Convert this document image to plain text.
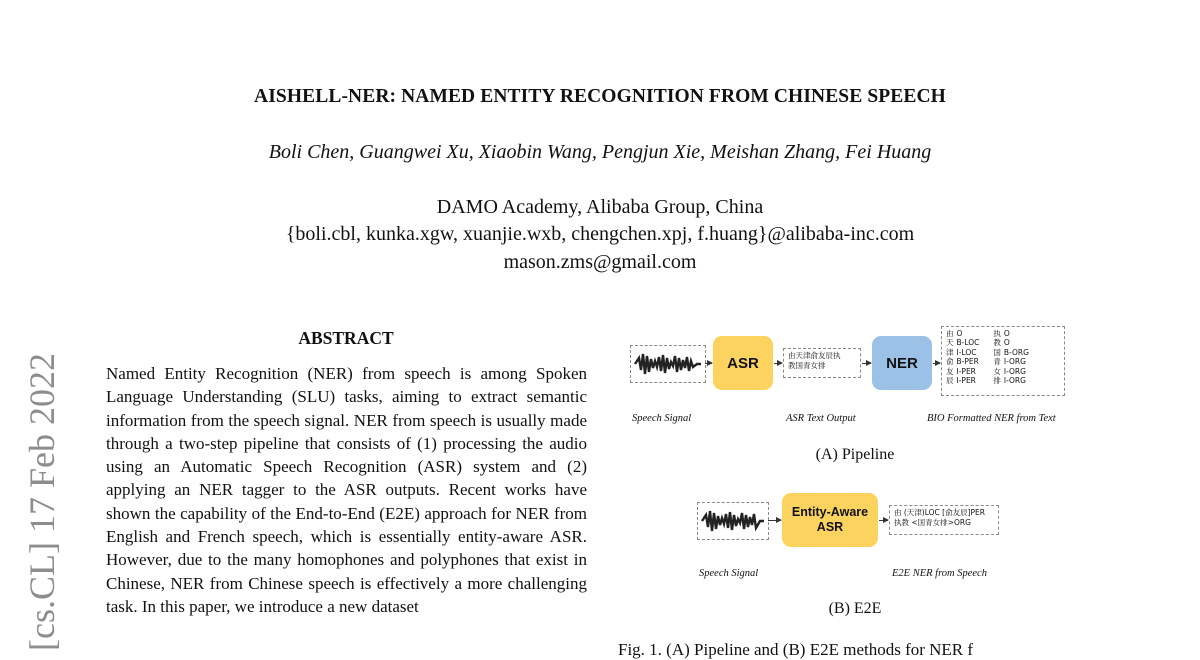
AISHELL-NER: NAMED ENTITY RECOGNITION FROM CHINESE SPEECH
Boli Chen, Guangwei Xu, Xiaobin Wang, Pengjun Xie, Meishan Zhang, Fei Huang
DAMO Academy, Alibaba Group, China
{boli.cbl, kunka.xgw, xuanjie.wxb, chengchen.xpj, f.huang}@alibaba-inc.com
mason.zms@gmail.com
[cs.CL] 17 Feb 2022
ABSTRACT
Named Entity Recognition (NER) from speech is among Spoken Language Understanding (SLU) tasks, aiming to extract semantic information from the speech signal. NER from speech is usually made through a two-step pipeline that consists of (1) processing the audio using an Automatic Speech Recognition (ASR) system and (2) applying an NER tagger to the ASR outputs. Recent works have shown the capability of the End-to-End (E2E) approach for NER from English and French speech, which is essentially entity-aware ASR. However, due to the many homophones and polyphones that exist in Chinese, NER from Chinese speech is effectively a more challenging task. In this paper, we introduce a new dataset
ASR	由天津俞友辰执
教国青女排	NER
由	O	执	O
天	B-LOC	教	O
津	I-LOC	国	B-ORG
俞	B-PER	青	I-ORG
友	I-PER	女	I-ORG
辰	I-PER	排	I-ORG
Speech Signal	ASR Text Output	BIO Formatted NER from Text
(A) Pipeline
Entity-Aware
ASR
由 (天津)LOC [俞友辰]PER
执教 <国青女排>ORG
Speech Signal	E2E NER from Speech
(B) E2E
Fig. 1. (A) Pipeline and (B) E2E methods for NER f
